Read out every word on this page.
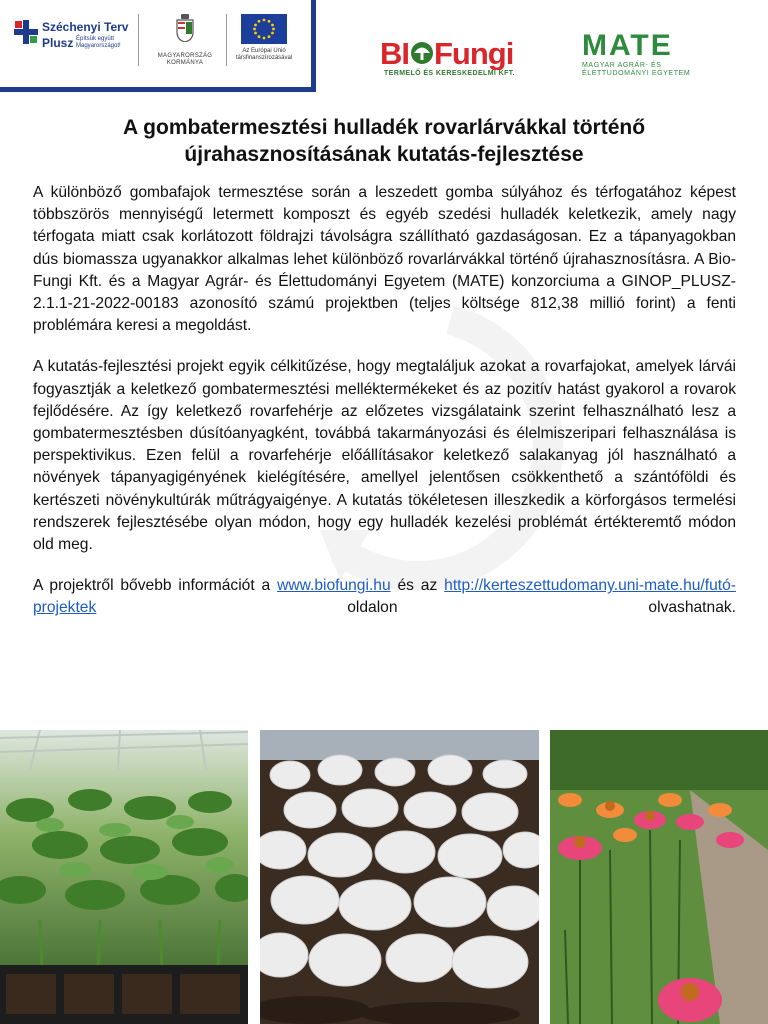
Széchenyi Terv
Plusz Építsük együtt Magyarországot!
MAGYARORSZÁG KORMÁNYA
Az Európai Unió társfinanszírozásával	BI Fungi
TERMELŐ ÉS KERESKEDELMI KFT.
MATE
MAGYAR AGRÁR- ÉS ÉLETTUDOMÁNYI EGYETEM
A gombatermesztési hulladék rovarlárvákkal történő újrahasznosításának kutatás-fejlesztése

A különböző gombafajok termesztése során a leszedett gomba súlyához és térfogatához képest többszörös mennyiségű letermett komposzt és egyéb szedési hulladék keletkezik, amely nagy térfogata miatt csak korlátozott földrajzi távolságra szállítható gazdaságosan. Ez a tápanyagokban dús biomassza ugyanakkor alkalmas lehet különböző rovarlárvákkal történő újrahasznosításra. A Bio-Fungi Kft. és a Magyar Agrár- és Élettudományi Egyetem (MATE) konzorciuma a GINOP_PLUSZ-2.1.1-21-2022-00183 azonosító számú projektben (teljes költsége 812,38 millió forint) a fenti problémára keresi a megoldást.

A kutatás-fejlesztési projekt egyik célkitűzése, hogy megtaláljuk azokat a rovarfajokat, amelyek lárvái fogyasztják a keletkező gombatermesztési melléktermékeket és az pozitív hatást gyakorol a rovarok fejlődésére. Az így keletkező rovarfehérje az előzetes vizsgálataink szerint felhasználható lesz a gombatermesztésben dúsítóanyagként, továbbá takarmányozási és élelmiszeripari felhasználása is perspektivikus. Ezen felül a rovarfehérje előállításakor keletkező salakanyag jól használható a növények tápanyagigényének kielégítésére, amellyel jelentősen csökkenthető a szántóföldi és kertészeti növénykultúrák műtrágyaigénye. A kutatás tökéletesen illeszkedik a körforgásos termelési rendszerek fejlesztésébe olyan módon, hogy egy hulladék kezelési problémát értékteremtő módon old meg.

A projektről bővebb információt a www.biofungi.hu és az http://kerteszettudomany.uni-mate.hu/futó-projektek	oldalon olvashatnak.
